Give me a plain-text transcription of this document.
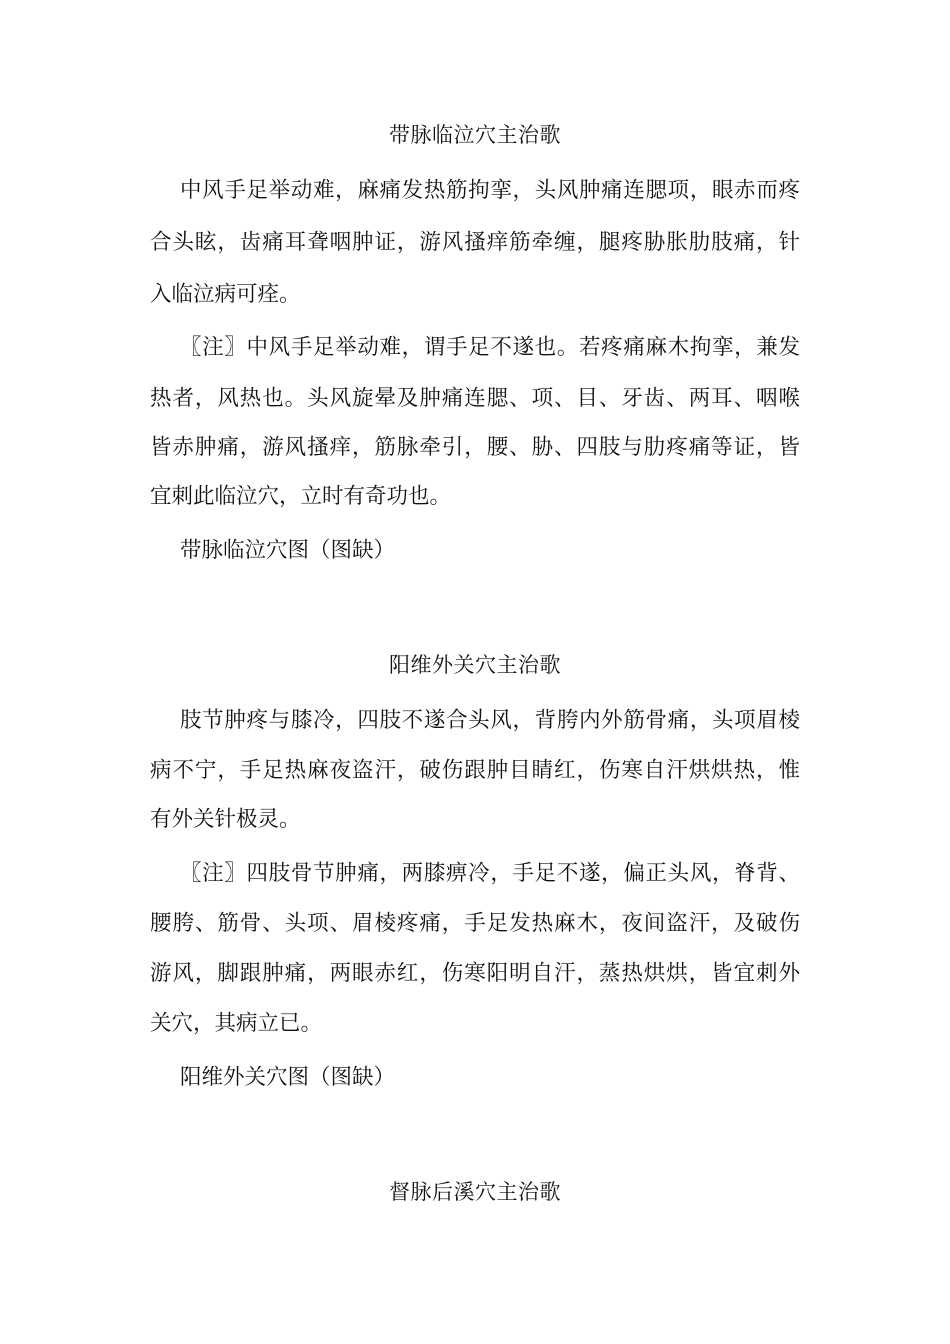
带脉临泣穴主治歌
中风手足举动难，麻痛发热筋拘挛，头风肿痛连腮项，眼赤而疼
合头眩，齿痛耳聋咽肿证，游风搔痒筋牵缠，腿疼胁胀肋肢痛，针
入临泣病可痊。
〖注〗中风手足举动难，谓手足不遂也。若疼痛麻木拘挛，兼发
热者，风热也。头风旋晕及肿痛连腮、项、目、牙齿、两耳、咽喉
皆赤肿痛，游风搔痒，筋脉牵引，腰、胁、四肢与肋疼痛等证，皆
宜刺此临泣穴，立时有奇功也。
带脉临泣穴图（图缺）
阳维外关穴主治歌
肢节肿疼与膝冷，四肢不遂合头风，背胯内外筋骨痛，头项眉棱
病不宁，手足热麻夜盗汗，破伤跟肿目睛红，伤寒自汗烘烘热，惟
有外关针极灵。
〖注〗四肢骨节肿痛，两膝痹冷，手足不遂，偏正头风，脊背、
腰胯、筋骨、头项、眉棱疼痛，手足发热麻木，夜间盗汗，及破伤
游风，脚跟肿痛，两眼赤红，伤寒阳明自汗，蒸热烘烘，皆宜刺外
关穴，其病立已。
阳维外关穴图（图缺）
督脉后溪穴主治歌
